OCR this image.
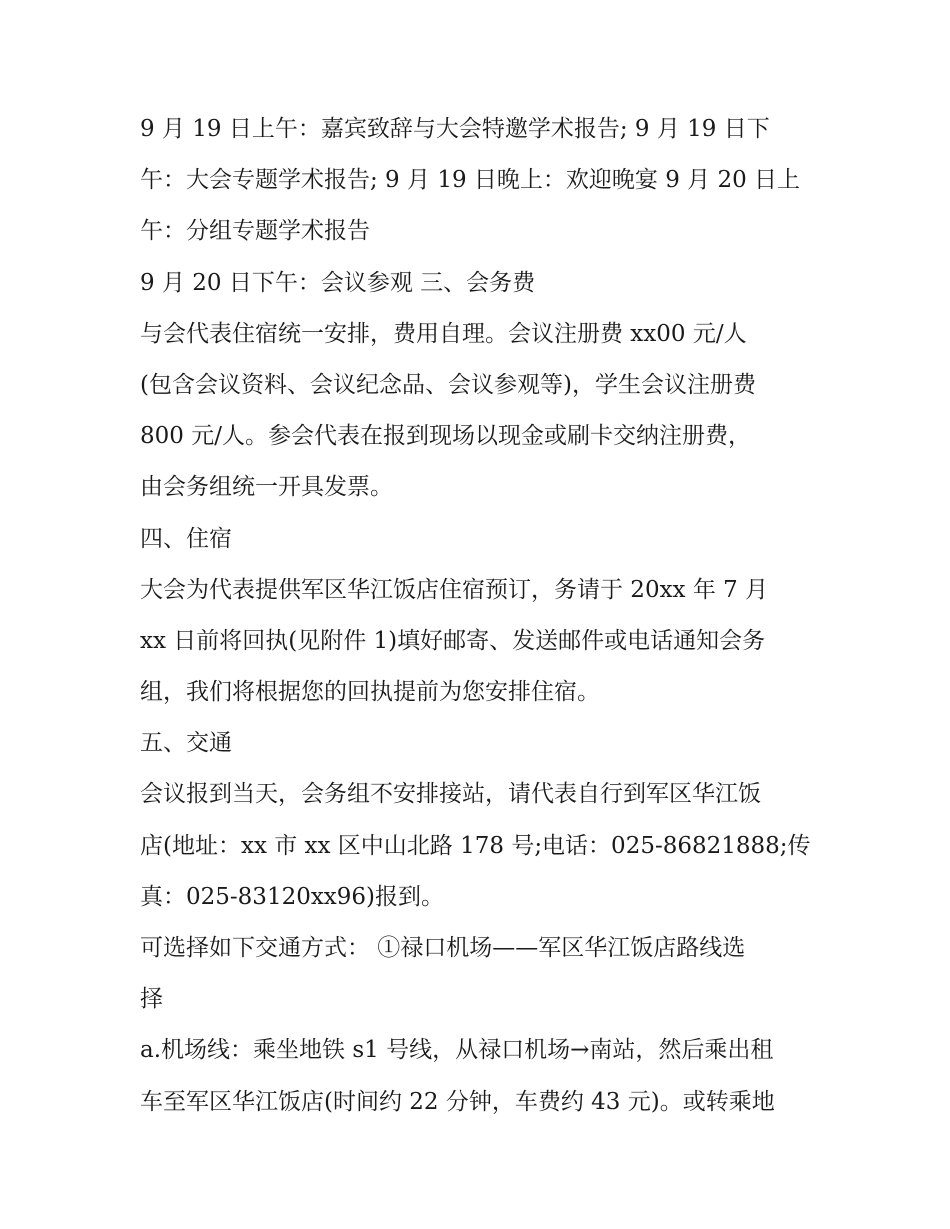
9 月 19 日上午：嘉宾致辞与大会特邀学术报告; 9 月 19 日下
午：大会专题学术报告; 9 月 19 日晚上：欢迎晚宴 9 月 20 日上
午：分组专题学术报告
9 月 20 日下午：会议参观 三、会务费
与会代表住宿统一安排，费用自理。会议注册费 xx00 元/人
(包含会议资料、会议纪念品、会议参观等)，学生会议注册费
800 元/人。参会代表在报到现场以现金或刷卡交纳注册费，
由会务组统一开具发票。
四、住宿
大会为代表提供军区华江饭店住宿预订，务请于 20xx 年 7 月
xx 日前将回执(见附件 1)填好邮寄、发送邮件或电话通知会务
组，我们将根据您的回执提前为您安排住宿。
五、交通
会议报到当天，会务组不安排接站，请代表自行到军区华江饭
店(地址：xx 市 xx 区中山北路 178 号;电话：025-86821888;传
真：025-83120xx96)报到。
可选择如下交通方式： ①禄口机场——军区华江饭店路线选
择
a.机场线：乘坐地铁 s1 号线，从禄口机场→南站，然后乘出租
车至军区华江饭店(时间约 22 分钟，车费约 43 元)。或转乘地
